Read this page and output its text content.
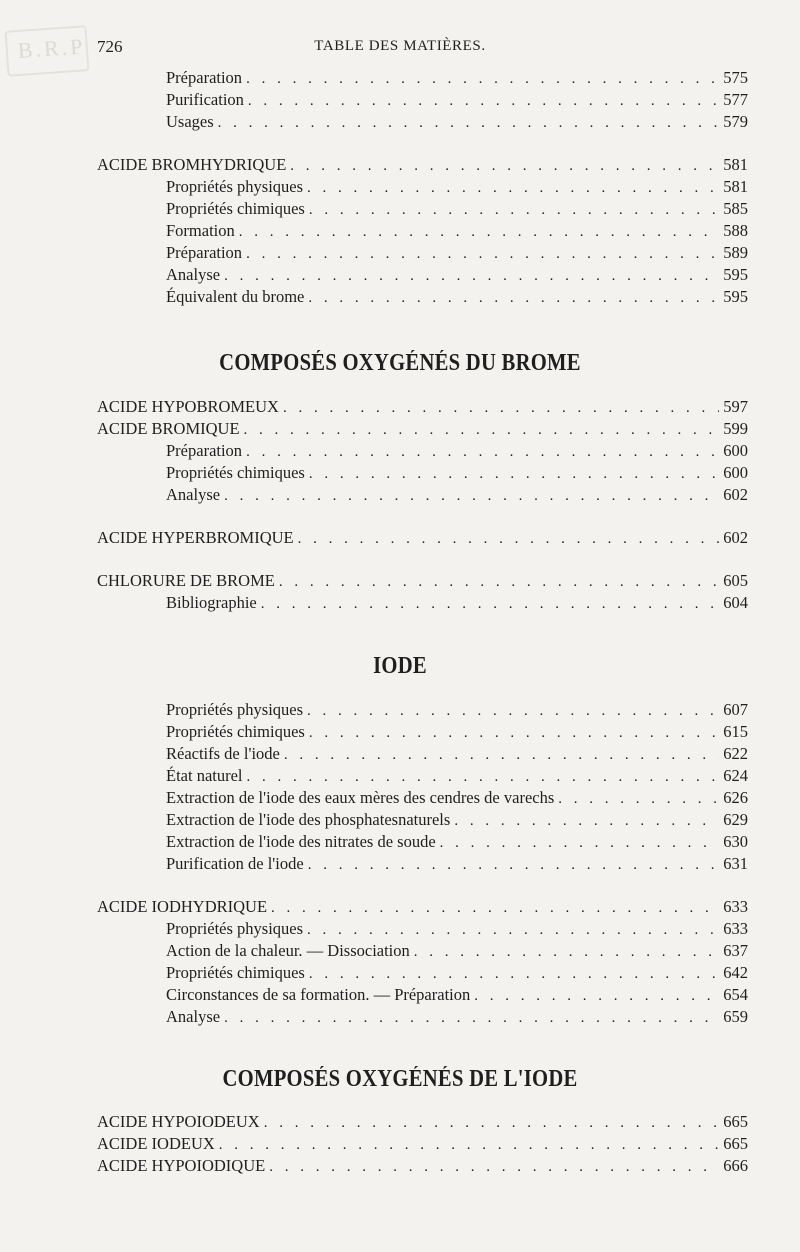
B.R.P 726	TABLE DES MATIÈRES.
Préparation . . .	575
Purification . . .	577
Usages . . .	579
ACIDE BROMHYDRIQUE . . .	581
Propriétés physiques . . .	581
Propriétés chimiques . . .	585
Formation . . .	588
Préparation . . .	589
Analyse . . .	595
Équivalent du brome . . .	595
COMPOSÉS OXYGÉNÉS DU BROME
ACIDE HYPOBROMEUX . . .	597
ACIDE BROMIQUE . . .	599
Préparation . . .	600
Propriétés chimiques . . .	600
Analyse . . .	602
ACIDE HYPERBROMIQUE . . .	602
CHLORURE DE BROME . . .	605
Bibliographie . . .	604
IODE
Propriétés physiques . . .	607
Propriétés chimiques . . .	615
Réactifs de l'iode . . .	622
État naturel . . .	624
Extraction de l'iode des eaux mères des cendres de varechs . . .	626
Extraction de l'iode des phosphatesnaturels . . .	629
Extraction de l'iode des nitrates de soude . . .	630
Purification de l'iode . . .	631
ACIDE IODHYDRIQUE . . .	633
Propriétés physiques . . .	633
Action de la chaleur. — Dissociation . . .	637
Propriétés chimiques . . .	642
Circonstances de sa formation. — Préparation . . .	654
Analyse . . .	659
COMPOSÉS OXYGÉNÉS DE L'IODE
ACIDE HYPOIODEUX . . .	665
ACIDE IODEUX . . .	665
ACIDE HYPOIODIQUE . . .	666
